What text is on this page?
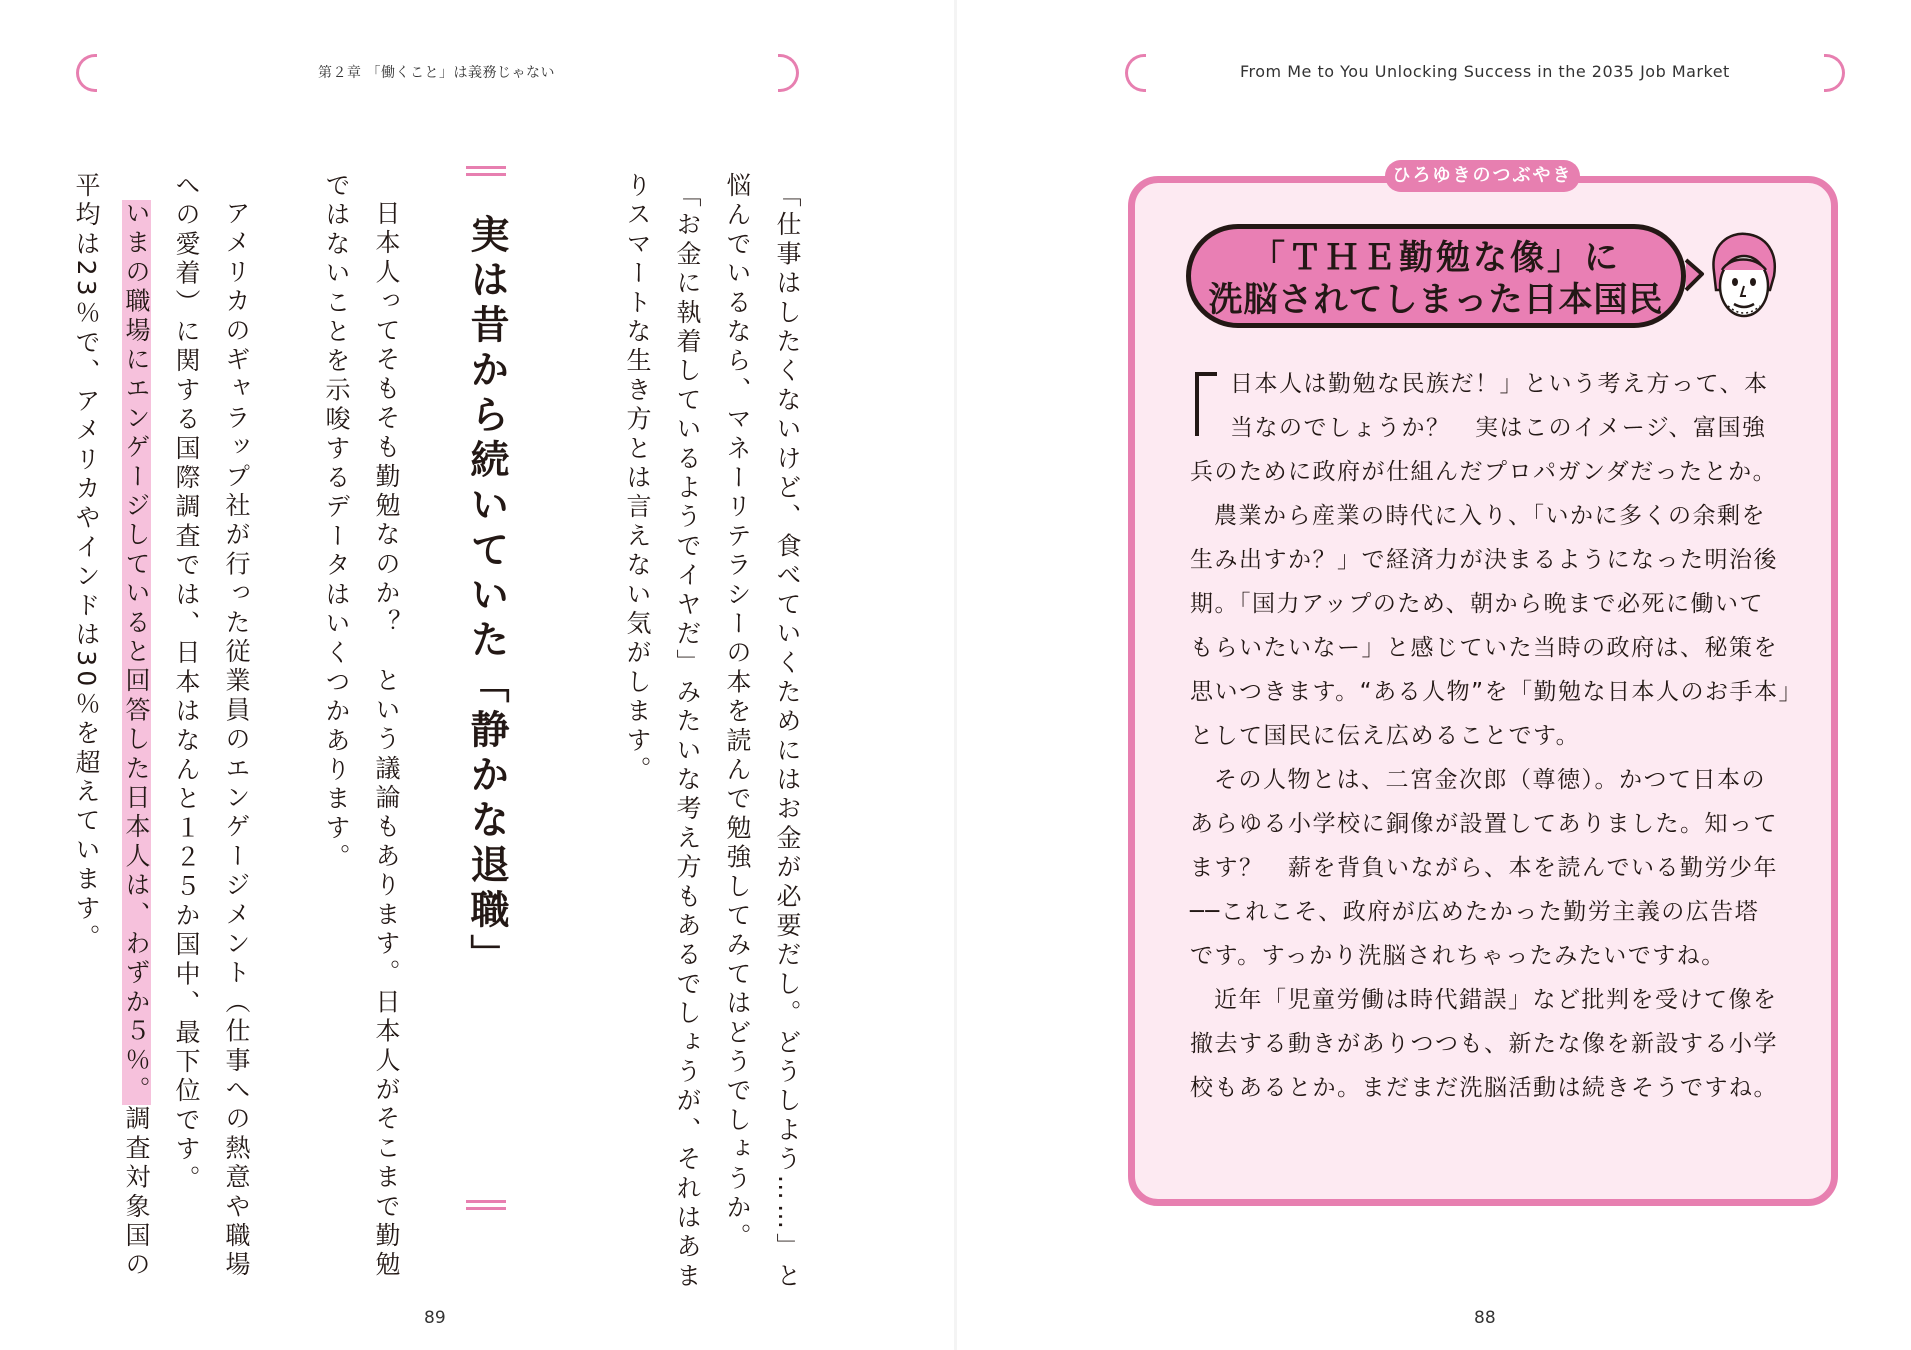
第２章 「働くこと」は義務じゃない
「仕事はしたくないけど、食べていくためにはお金が必要だし。どうしよう……」と
悩んでいるなら、マネーリテラシーの本を読んで勉強してみてはどうでしょうか。
「お金に執着しているようでイヤだ」みたいな考え方もあるでしょうが、それはあま
りスマートな生き方とは言えない気がします。
実は昔から続いていた「静かな退職」
日本人ってそもそも勤勉なのか？　という議論もあります。日本人がそこまで勤勉
ではないことを示唆するデータはいくつかあります。
アメリカのギャラップ社が行った従業員のエンゲージメント（仕事への熱意や職場
への愛着）に関する国際調査では、日本はなんと１２５か国中、最下位です。
いまの職場にエンゲージしていると回答した日本人は、わずか５％。調査対象国の
平均は23％で、アメリカやインドは30％を超えています。
89
From Me to You Unlocking Success in the 2035 Job Market
ひろゆきのつぶやき
「ＴＨＥ勤勉な像」に
洗脳されてしまった日本国民

日本人は勤勉な民族だ！」という考え方って、本

当なのでしょうか？　実はこのイメージ、富国強

兵のために政府が仕組んだプロパガンダだったとか。

農業から産業の時代に入り、「いかに多くの余剰を

生み出すか？」で経済力が決まるようになった明治後

期。「国力アップのため、朝から晩まで必死に働いて

もらいたいなー」と感じていた当時の政府は、秘策を

思いつきます。“ある人物”を「勤勉な日本人のお手本」

として国民に伝え広めることです。

その人物とは、二宮金次郎（尊徳）。かつて日本の

あらゆる小学校に銅像が設置してありました。知って

ます？　薪を背負いながら、本を読んでいる勤労少年

──これこそ、政府が広めたかった勤労主義の広告塔

です。すっかり洗脳されちゃったみたいですね。

近年「児童労働は時代錯誤」など批判を受けて像を

撤去する動きがありつつも、新たな像を新設する小学

校もあるとか。まだまだ洗脳活動は続きそうですね。

88
